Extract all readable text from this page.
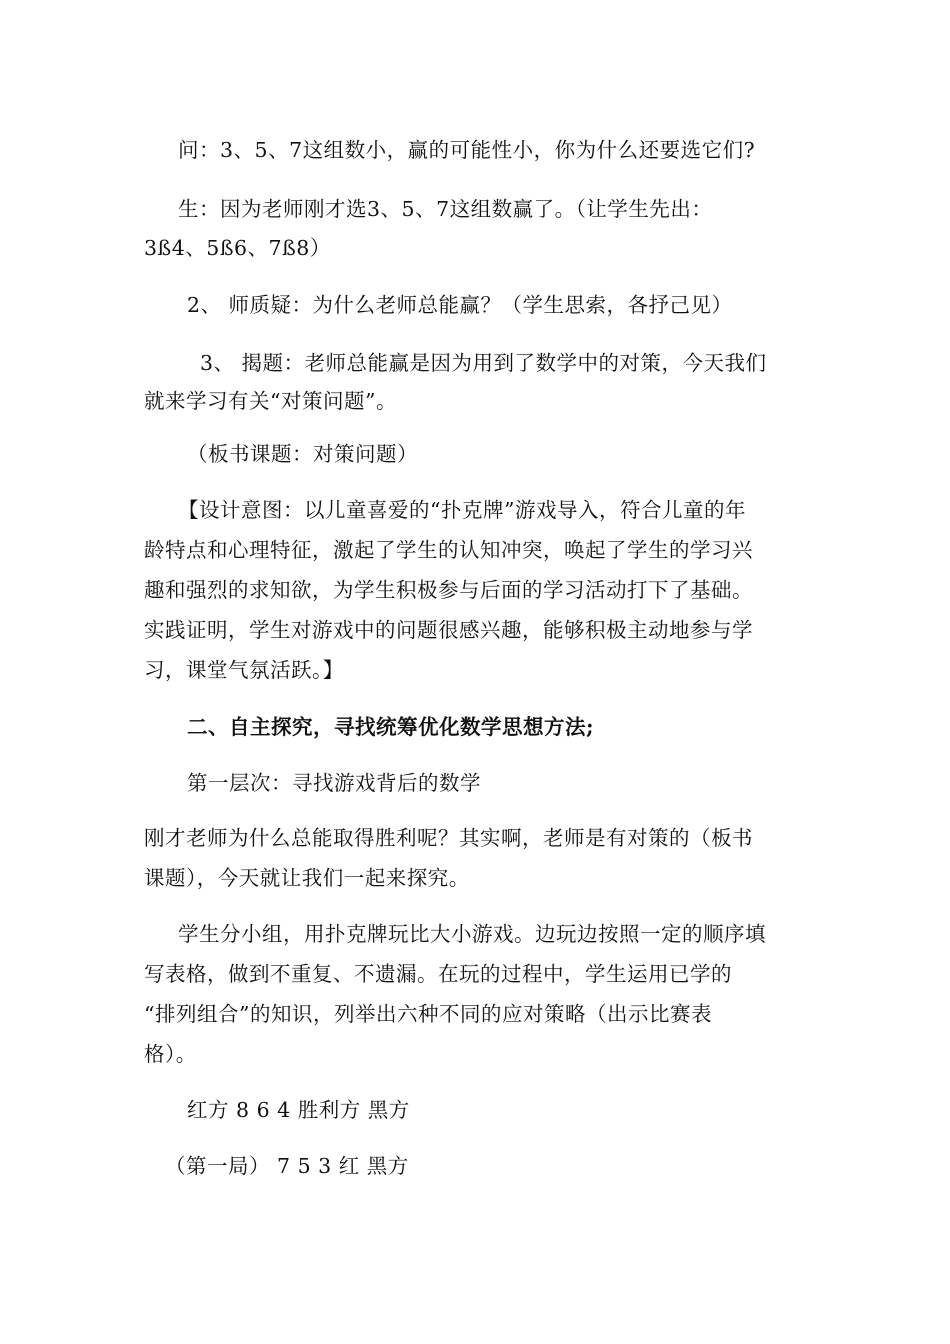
问：3、5、7这组数小，赢的可能性小，你为什么还要选它们?
生：因为老师刚才选3、5、7这组数赢了。（让学生先出：
3ß4、5ß6、7ß8）
2、 师质疑：为什么老师总能赢？（学生思索，各抒己见）
3、 揭题：老师总能赢是因为用到了数学中的对策，今天我们
就来学习有关“对策问题”。
（板书课题：对策问题）
【设计意图：以儿童喜爱的“扑克牌”游戏导入，符合儿童的年
龄特点和心理特征，激起了学生的认知冲突，唤起了学生的学习兴
趣和强烈的求知欲，为学生积极参与后面的学习活动打下了基础。
实践证明，学生对游戏中的问题很感兴趣，能够积极主动地参与学
习，课堂气氛活跃。】
二、自主探究，寻找统筹优化数学思想方法;
第一层次：寻找游戏背后的数学
刚才老师为什么总能取得胜利呢？其实啊，老师是有对策的（板书
课题），今天就让我们一起来探究。
学生分小组，用扑克牌玩比大小游戏。边玩边按照一定的顺序填
写表格，做到不重复、不遗漏。在玩的过程中，学生运用已学的
“排列组合”的知识，列举出六种不同的应对策略（出示比赛表
格）。
红方 8 6 4 胜利方 黑方
（第一局） 7 5 3 红 黑方
